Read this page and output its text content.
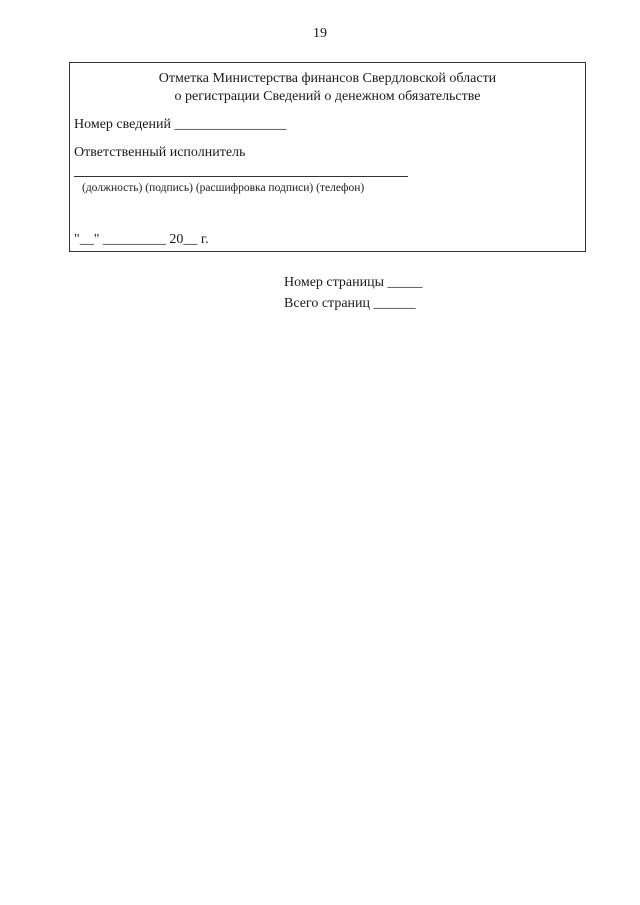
19
Отметка Министерства финансов Свердловской области
о регистрации Сведений о денежном обязательстве
Номер сведений ________________
Ответственный исполнитель
(должность) (подпись) (расшифровка подписи) (телефон)
"__" _________ 20__ г.
Номер страницы _____
Всего страниц ______
